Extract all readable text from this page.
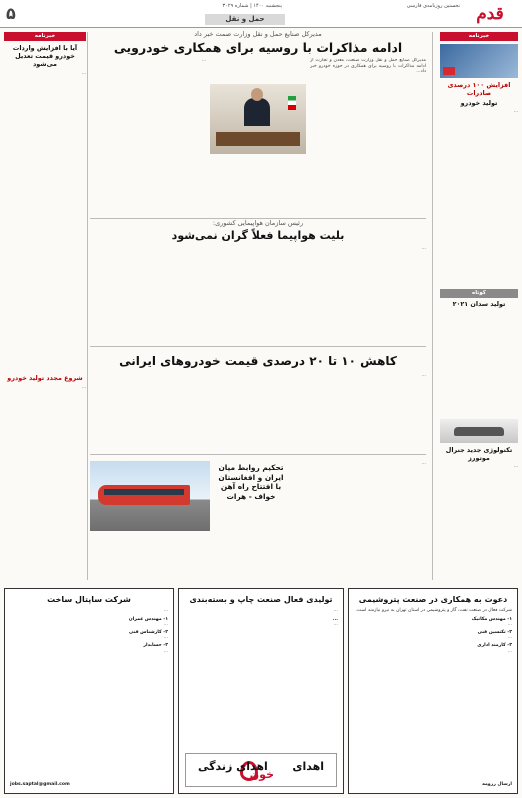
قدم
نخستین روزنامه‌ی فارسی
پنجشنبه ۱۴۰۰ | شماره ۳۰۲۹
حمل و نقل
۵
خبرنامه
افزایش ۱۰۰ درصدی صادرات
تولید خودرو
...
کوتاه
تولید سدان ۲۰۲۱
تکنولوژی جدید جنرال موتورز
...
خبرنامه
آیا با افزایش واردات خودرو قیمت تعدیل می‌شود
...
شروع مجدد تولید خودرو
...
مدیرکل صنایع حمل و نقل وزارت صمت خبر داد
ادامه مذاکرات با روسیه برای همکاری خودرویی
مدیرکل صنایع حمل و نقل وزارت صنعت، معدن و تجارت از ادامه مذاکرات با روسیه برای همکاری در حوزه خودرو خبر داد...
...
رئیس سازمان هواپیمایی کشوری:
بلیت هواپیما فعلاً گران نمی‌شود
...
کاهش ۱۰ تا ۲۰ درصدی قیمت خودروهای ایرانی
...
تحکیم روابط میان ایران و افغانستان با افتتاح راه آهن خواف - هرات
...
دعوت به همکاری در صنعت پتروشیمی
شرکت فعال در صنعت نفت، گاز و پتروشیمی در استان تهران به نیرو نیازمند است.
۱- مهندس مکانیک
...
۲- تکنسین فنی
...
۳- کارمند اداری
...
ارسال رزومه
تولیدی فعال صنعت چاپ و بسته‌بندی
...
...
...
اهدای
خون
اهدای زندگی
شرکت ساپتال ساخت
...
۱- مهندس عمران
...
۲- کارشناس فنی
...
۳- حسابدار
...
jobs.saptal@gmail.com
